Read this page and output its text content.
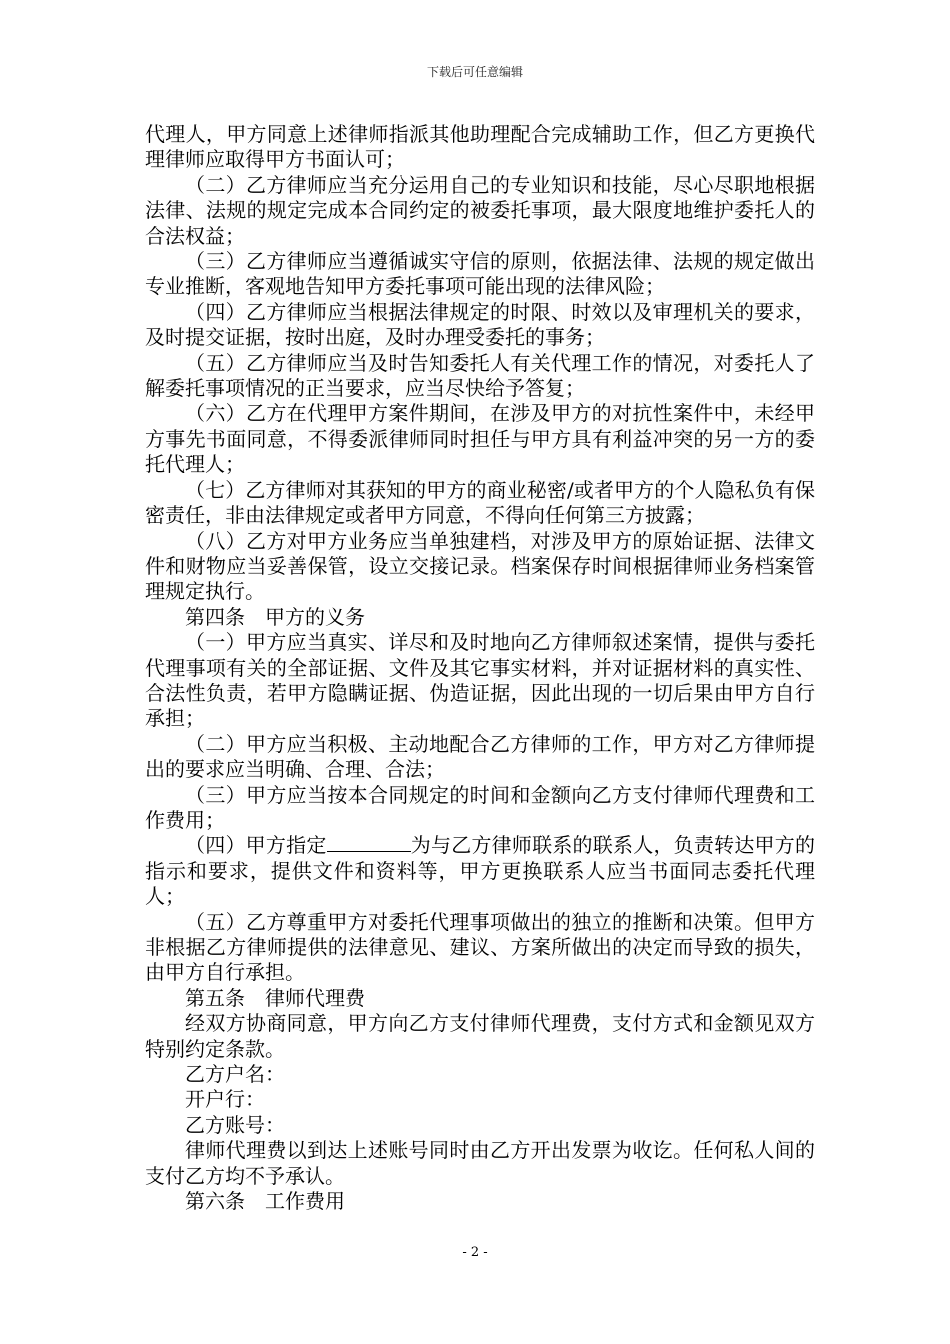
下载后可任意编辑

代理人，甲方同意上述律师指派其他助理配合完成辅助工作，但乙方更换代理律师应取得甲方书面认可；

（二）乙方律师应当充分运用自己的专业知识和技能，尽心尽职地根据法律、法规的规定完成本合同约定的被委托事项，最大限度地维护委托人的合法权益；

（三）乙方律师应当遵循诚实守信的原则，依据法律、法规的规定做出专业推断，客观地告知甲方委托事项可能出现的法律风险；

（四）乙方律师应当根据法律规定的时限、时效以及审理机关的要求，及时提交证据，按时出庭，及时办理受委托的事务；

（五）乙方律师应当及时告知委托人有关代理工作的情况，对委托人了解委托事项情况的正当要求，应当尽快给予答复；

（六）乙方在代理甲方案件期间，在涉及甲方的对抗性案件中，未经甲方事先书面同意，不得委派律师同时担任与甲方具有利益冲突的另一方的委托代理人；

（七）乙方律师对其获知的甲方的商业秘密/或者甲方的个人隐私负有保密责任，非由法律规定或者甲方同意，不得向任何第三方披露；

（八）乙方对甲方业务应当单独建档，对涉及甲方的原始证据、法律文件和财物应当妥善保管，设立交接记录。档案保存时间根据律师业务档案管理规定执行。

第四条　甲方的义务

（一）甲方应当真实、详尽和及时地向乙方律师叙述案情，提供与委托代理事项有关的全部证据、文件及其它事实材料，并对证据材料的真实性、合法性负责，若甲方隐瞒证据、伪造证据，因此出现的一切后果由甲方自行承担；

（二）甲方应当积极、主动地配合乙方律师的工作，甲方对乙方律师提出的要求应当明确、合理、合法；

（三）甲方应当按本合同规定的时间和金额向乙方支付律师代理费和工作费用；

（四）甲方指定	为与乙方律师联系的联系人，负责转达甲方的指示和要求，提供文件和资料等，甲方更换联系人应当书面同志委托代理人；

（五）乙方尊重甲方对委托代理事项做出的独立的推断和决策。但甲方非根据乙方律师提供的法律意见、建议、方案所做出的决定而导致的损失，由甲方自行承担。

第五条　律师代理费

经双方协商同意，甲方向乙方支付律师代理费，支付方式和金额见双方特别约定条款。

乙方户名：

开户行：

乙方账号：

律师代理费以到达上述账号同时由乙方开出发票为收讫。任何私人间的支付乙方均不予承认。

第六条　工作费用

- 2 -
